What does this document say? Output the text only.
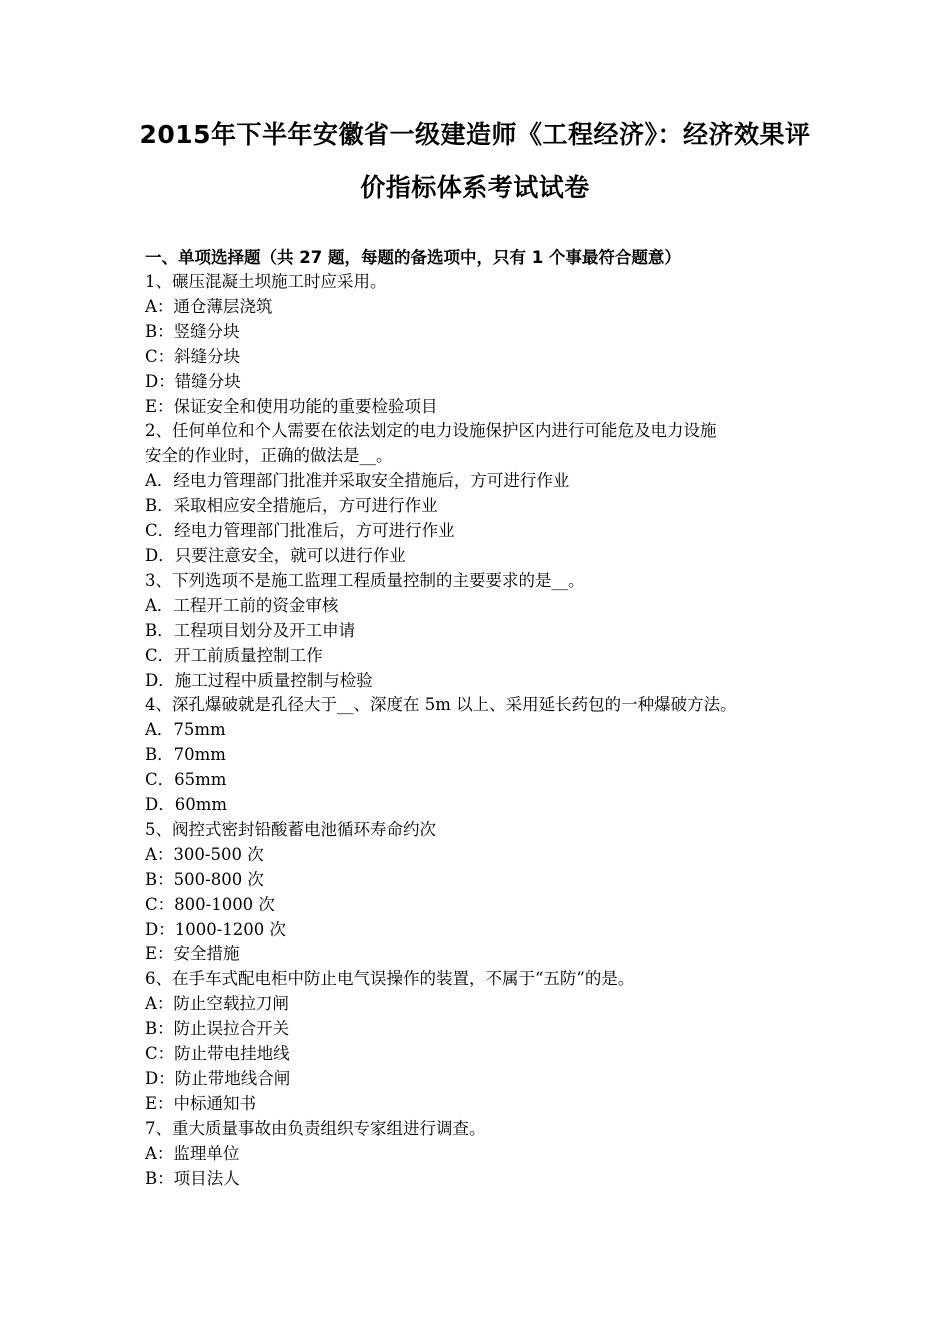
2015年下半年安徽省一级建造师《工程经济》：经济效果评
价指标体系考试试卷
一、单项选择题（共 27 题，每题的备选项中，只有 1 个事最符合题意）
1、碾压混凝土坝施工时应采用。
A：通仓薄层浇筑
B：竖缝分块
C：斜缝分块
D：错缝分块
E：保证安全和使用功能的重要检验项目
2、任何单位和个人需要在依法划定的电力设施保护区内进行可能危及电力设施
安全的作业时，正确的做法是__。
A．经电力管理部门批准并采取安全措施后，方可进行作业
B．采取相应安全措施后，方可进行作业
C．经电力管理部门批准后，方可进行作业
D．只要注意安全，就可以进行作业
3、下列选项不是施工监理工程质量控制的主要要求的是__。
A．工程开工前的资金审核
B．工程项目划分及开工申请
C．开工前质量控制工作
D．施工过程中质量控制与检验
4、深孔爆破就是孔径大于__、深度在 5m 以上、采用延长药包的一种爆破方法。
A．75mm
B．70mm
C．65mm
D．60mm
5、阀控式密封铅酸蓄电池循环寿命约次
A：300-500 次
B：500-800 次
C：800-1000 次
D：1000-1200 次
E：安全措施
6、在手车式配电柜中防止电气误操作的装置，不属于“五防”的是。
A：防止空载拉刀闸
B：防止误拉合开关
C：防止带电挂地线
D：防止带地线合闸
E：中标通知书
7、重大质量事故由负责组织专家组进行调查。
A：监理单位
B：项目法人
